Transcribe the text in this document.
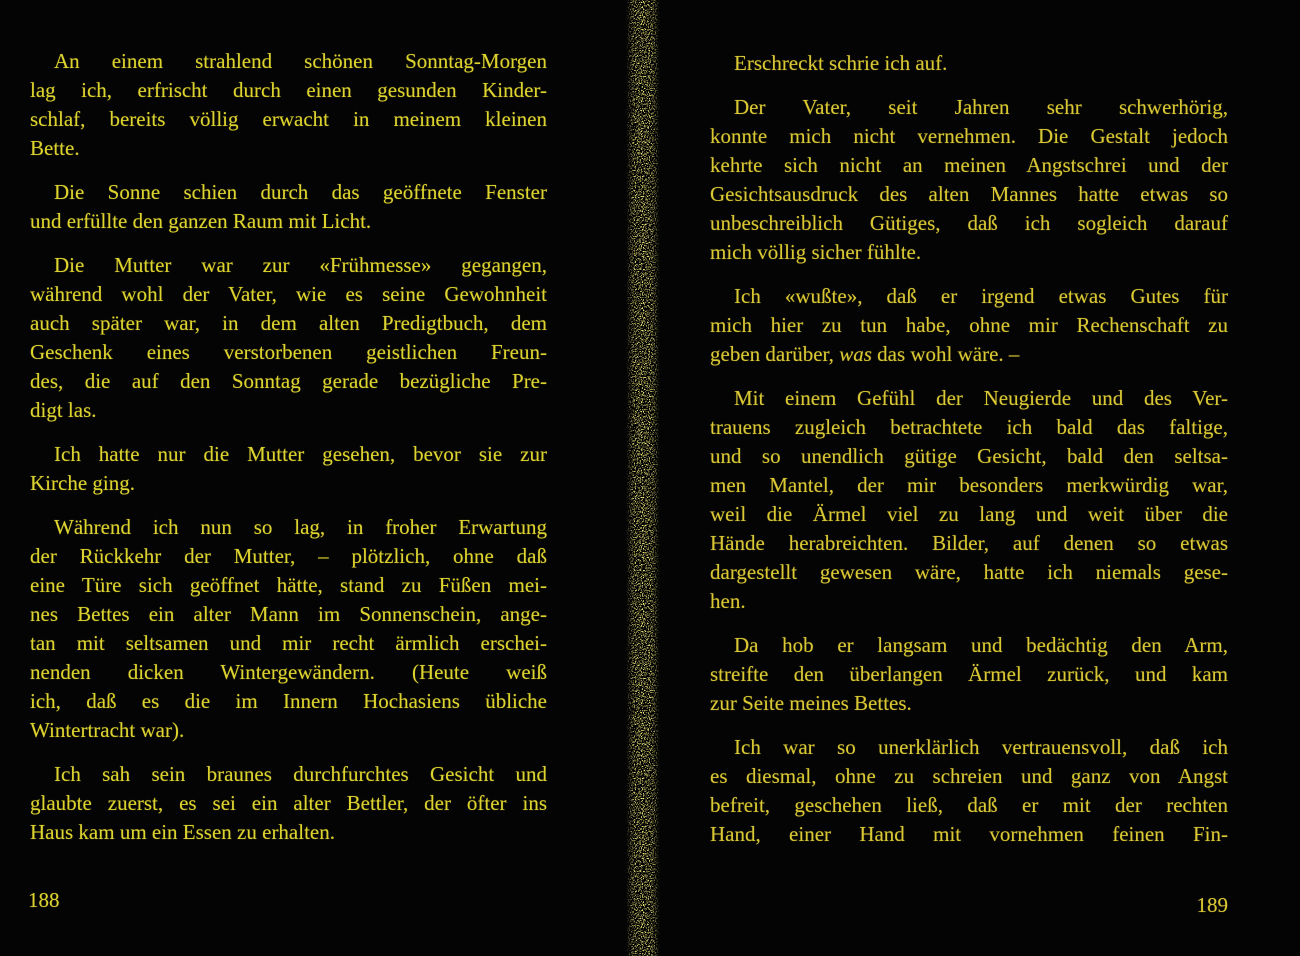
An einem strahlend schönen Sonntag-Morgen
lag ich, erfrischt durch einen gesunden Kinder-
schlaf, bereits völlig erwacht in meinem kleinen
Bette.
Die Sonne schien durch das geöffnete Fenster
und erfüllte den ganzen Raum mit Licht.
Die Mutter war zur «Frühmesse» gegangen,
während wohl der Vater, wie es seine Gewohnheit
auch später war, in dem alten Predigtbuch, dem
Geschenk eines verstorbenen geistlichen Freun-
des, die auf den Sonntag gerade bezügliche Pre-
digt las.
Ich hatte nur die Mutter gesehen, bevor sie zur
Kirche ging.
Während ich nun so lag, in froher Erwartung
der Rückkehr der Mutter, – plötzlich, ohne daß
eine Türe sich geöffnet hätte, stand zu Füßen mei-
nes Bettes ein alter Mann im Sonnenschein, ange-
tan mit seltsamen und mir recht ärmlich erschei-
nenden dicken Wintergewändern. (Heute weiß
ich, daß es die im Innern Hochasiens übliche
Wintertracht war).
Ich sah sein braunes durchfurchtes Gesicht und
glaubte zuerst, es sei ein alter Bettler, der öfter ins
Haus kam um ein Essen zu erhalten.
Erschreckt schrie ich auf.
Der Vater, seit Jahren sehr schwerhörig,
konnte mich nicht vernehmen. Die Gestalt jedoch
kehrte sich nicht an meinen Angstschrei und der
Gesichtsausdruck des alten Mannes hatte etwas so
unbeschreiblich Gütiges, daß ich sogleich darauf
mich völlig sicher fühlte.
Ich «wußte», daß er irgend etwas Gutes für
mich hier zu tun habe, ohne mir Rechenschaft zu
geben darüber, was das wohl wäre. –
Mit einem Gefühl der Neugierde und des Ver-
trauens zugleich betrachtete ich bald das faltige,
und so unendlich gütige Gesicht, bald den seltsa-
men Mantel, der mir besonders merkwürdig war,
weil die Ärmel viel zu lang und weit über die
Hände herabreichten. Bilder, auf denen so etwas
dargestellt gewesen wäre, hatte ich niemals gese-
hen.
Da hob er langsam und bedächtig den Arm,
streifte den überlangen Ärmel zurück, und kam
zur Seite meines Bettes.
Ich war so unerklärlich vertrauensvoll, daß ich
es diesmal, ohne zu schreien und ganz von Angst
befreit, geschehen ließ, daß er mit der rechten
Hand, einer Hand mit vornehmen feinen Fin-
188	189
